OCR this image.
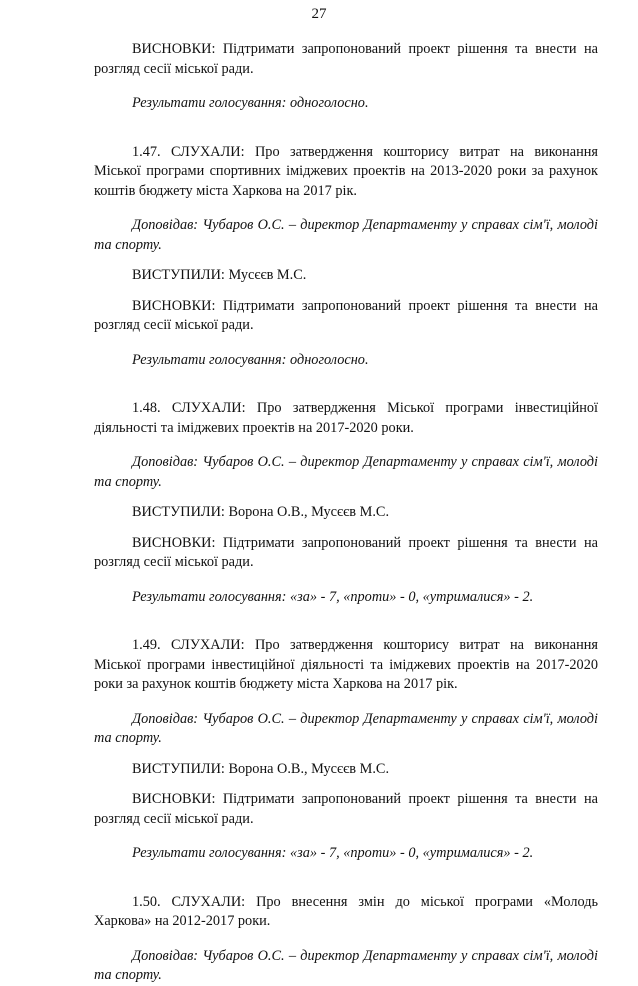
27

ВИСНОВКИ: Підтримати запропонований проект рішення та внести на розгляд сесії міської ради.

Результати голосування: одноголосно.

1.47. СЛУХАЛИ: Про затвердження кошторису витрат на виконання Міської програми спортивних іміджевих проектів на 2013-2020 роки за рахунок коштів бюджету міста Харкова на 2017 рік.

Доповідав: Чубаров О.С. – директор Департаменту у справах сім'ї, молоді та спорту.

ВИСТУПИЛИ: Мусєєв М.С.

ВИСНОВКИ: Підтримати запропонований проект рішення та внести на розгляд сесії міської ради.

Результати голосування: одноголосно.

1.48. СЛУХАЛИ: Про затвердження Міської програми інвестиційної діяльності та іміджевих проектів на 2017-2020 роки.

Доповідав: Чубаров О.С. – директор Департаменту у справах сім'ї, молоді та спорту.

ВИСТУПИЛИ: Ворона О.В., Мусєєв М.С.

ВИСНОВКИ: Підтримати запропонований проект рішення та внести на розгляд сесії міської ради.

Результати голосування: «за» - 7, «проти» - 0, «утрималися» - 2.

1.49. СЛУХАЛИ: Про затвердження кошторису витрат на виконання Міської програми інвестиційної діяльності та іміджевих проектів на 2017-2020 роки за рахунок коштів бюджету міста Харкова на 2017 рік.

Доповідав: Чубаров О.С. – директор Департаменту у справах сім'ї, молоді та спорту.

ВИСТУПИЛИ: Ворона О.В., Мусєєв М.С.

ВИСНОВКИ: Підтримати запропонований проект рішення та внести на розгляд сесії міської ради.

Результати голосування: «за» - 7, «проти» - 0, «утрималися» - 2.

1.50. СЛУХАЛИ: Про внесення змін до міської програми «Молодь Харкова» на 2012-2017 роки.

Доповідав: Чубаров О.С. – директор Департаменту у справах сім'ї, молоді та спорту.
